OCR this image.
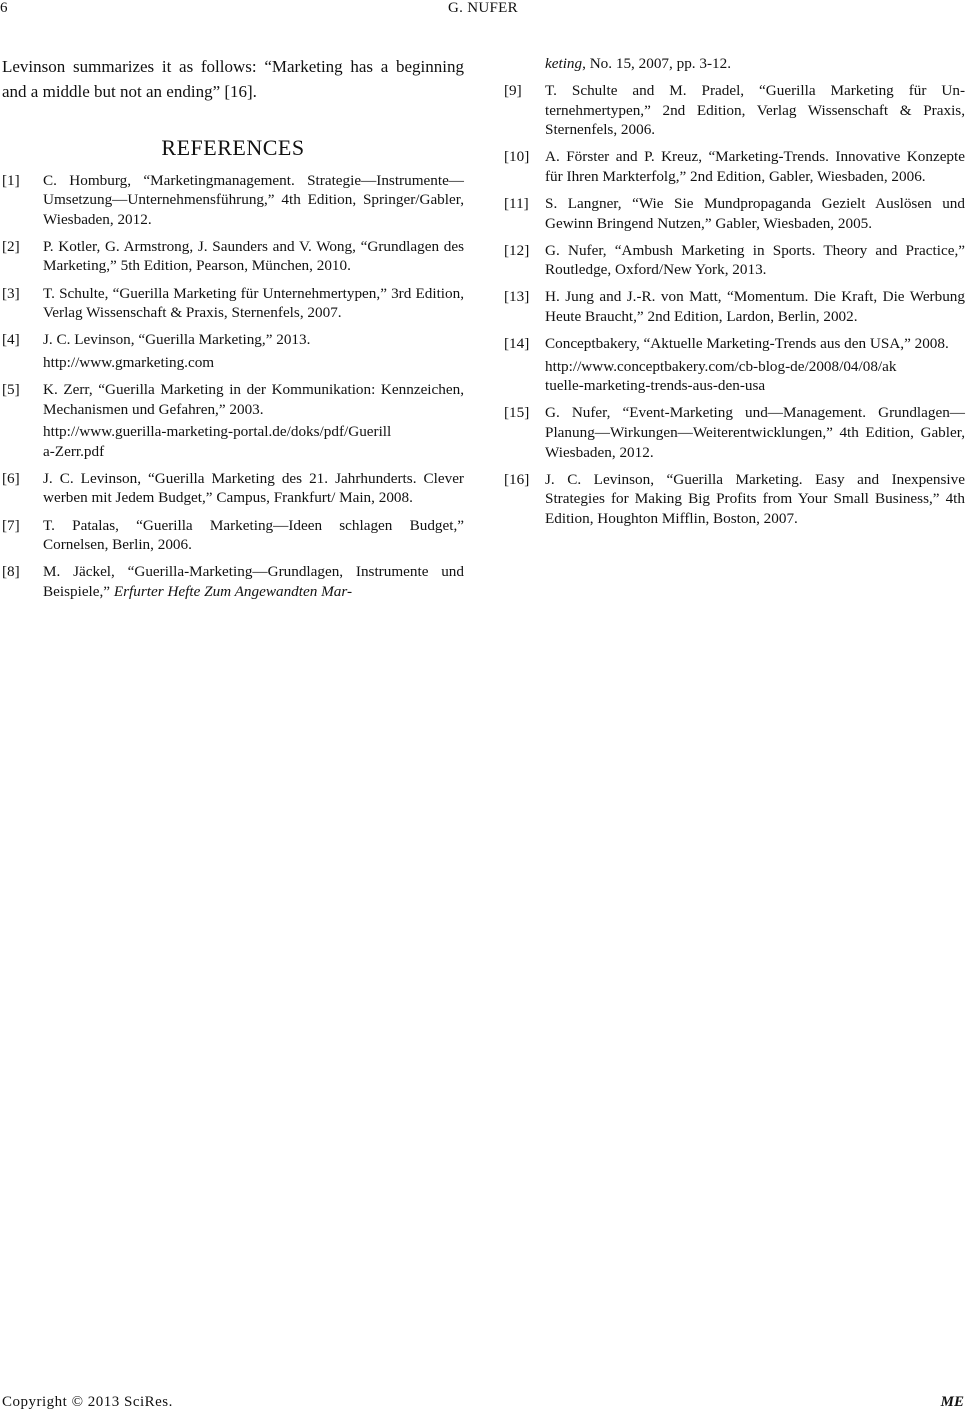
6	G. NUFER

Levinson summarizes it as follows: “Marketing has a beginning and a middle but not an ending” [16].

REFERENCES
[1]	C. Homburg, “Marketingmanagement. Strategie—Instrumente—Umsetzung—Unternehmensführung,” 4th Edition, Springer/Gabler, Wiesbaden, 2012.
[2]	P. Kotler, G. Armstrong, J. Saunders and V. Wong, “Grundlagen des Marketing,” 5th Edition, Pearson, München, 2010.
[3]	T. Schulte, “Guerilla Marketing für Unternehmertypen,” 3rd Edition, Verlag Wissenschaft & Praxis, Sternenfels, 2007.
[4]	J. C. Levinson, “Guerilla Marketing,” 2013.
http://www.gmarketing.com
[5]	K. Zerr, “Guerilla Marketing in der Kommunikation: Kennzeichen, Mechanismen und Gefahren,” 2003.
http://www.guerilla-marketing-portal.de/doks/pdf/Guerill
a-Zerr.pdf
[6]	J. C. Levinson, “Guerilla Marketing des 21. Jahrhunderts. Clever werben mit Jedem Budget,” Campus, Frankfurt/ Main, 2008.
[7]	T. Patalas, “Guerilla Marketing—Ideen schlagen Budget,” Cornelsen, Berlin, 2006.
[8]	M. Jäckel, “Guerilla-Marketing—Grundlagen, Instrumente und Beispiele,” Erfurter Hefte Zum Angewandten Mar-
keting, No. 15, 2007, pp. 3-12.
[9]	T. Schulte and M. Pradel, “Guerilla Marketing für Unternehmertypen,” 2nd Edition, Verlag Wissenschaft & Praxis, Sternenfels, 2006.
[10]	A. Förster and P. Kreuz, “Marketing-Trends. Innovative Konzepte für Ihren Markterfolg,” 2nd Edition, Gabler, Wiesbaden, 2006.
[11]	S. Langner, “Wie Sie Mundpropaganda Gezielt Auslösen und Gewinn Bringend Nutzen,” Gabler, Wiesbaden, 2005.
[12]	G. Nufer, “Ambush Marketing in Sports. Theory and Practice,” Routledge, Oxford/New York, 2013.
[13]	H. Jung and J.-R. von Matt, “Momentum. Die Kraft, Die Werbung Heute Braucht,” 2nd Edition, Lardon, Berlin, 2002.
[14]	Conceptbakery, “Aktuelle Marketing-Trends aus den USA,” 2008.
http://www.conceptbakery.com/cb-blog-de/2008/04/08/ak
tuelle-marketing-trends-aus-den-usa
[15]	G. Nufer, “Event-Marketing und—Management. Grundlagen—Planung—Wirkungen—Weiterentwicklungen,” 4th Edition, Gabler, Wiesbaden, 2012.
[16]	J. C. Levinson, “Guerilla Marketing. Easy and Inexpensive Strategies for Making Big Profits from Your Small Business,” 4th Edition, Houghton Mifflin, Boston, 2007.
Copyright © 2013 SciRes.	ME
